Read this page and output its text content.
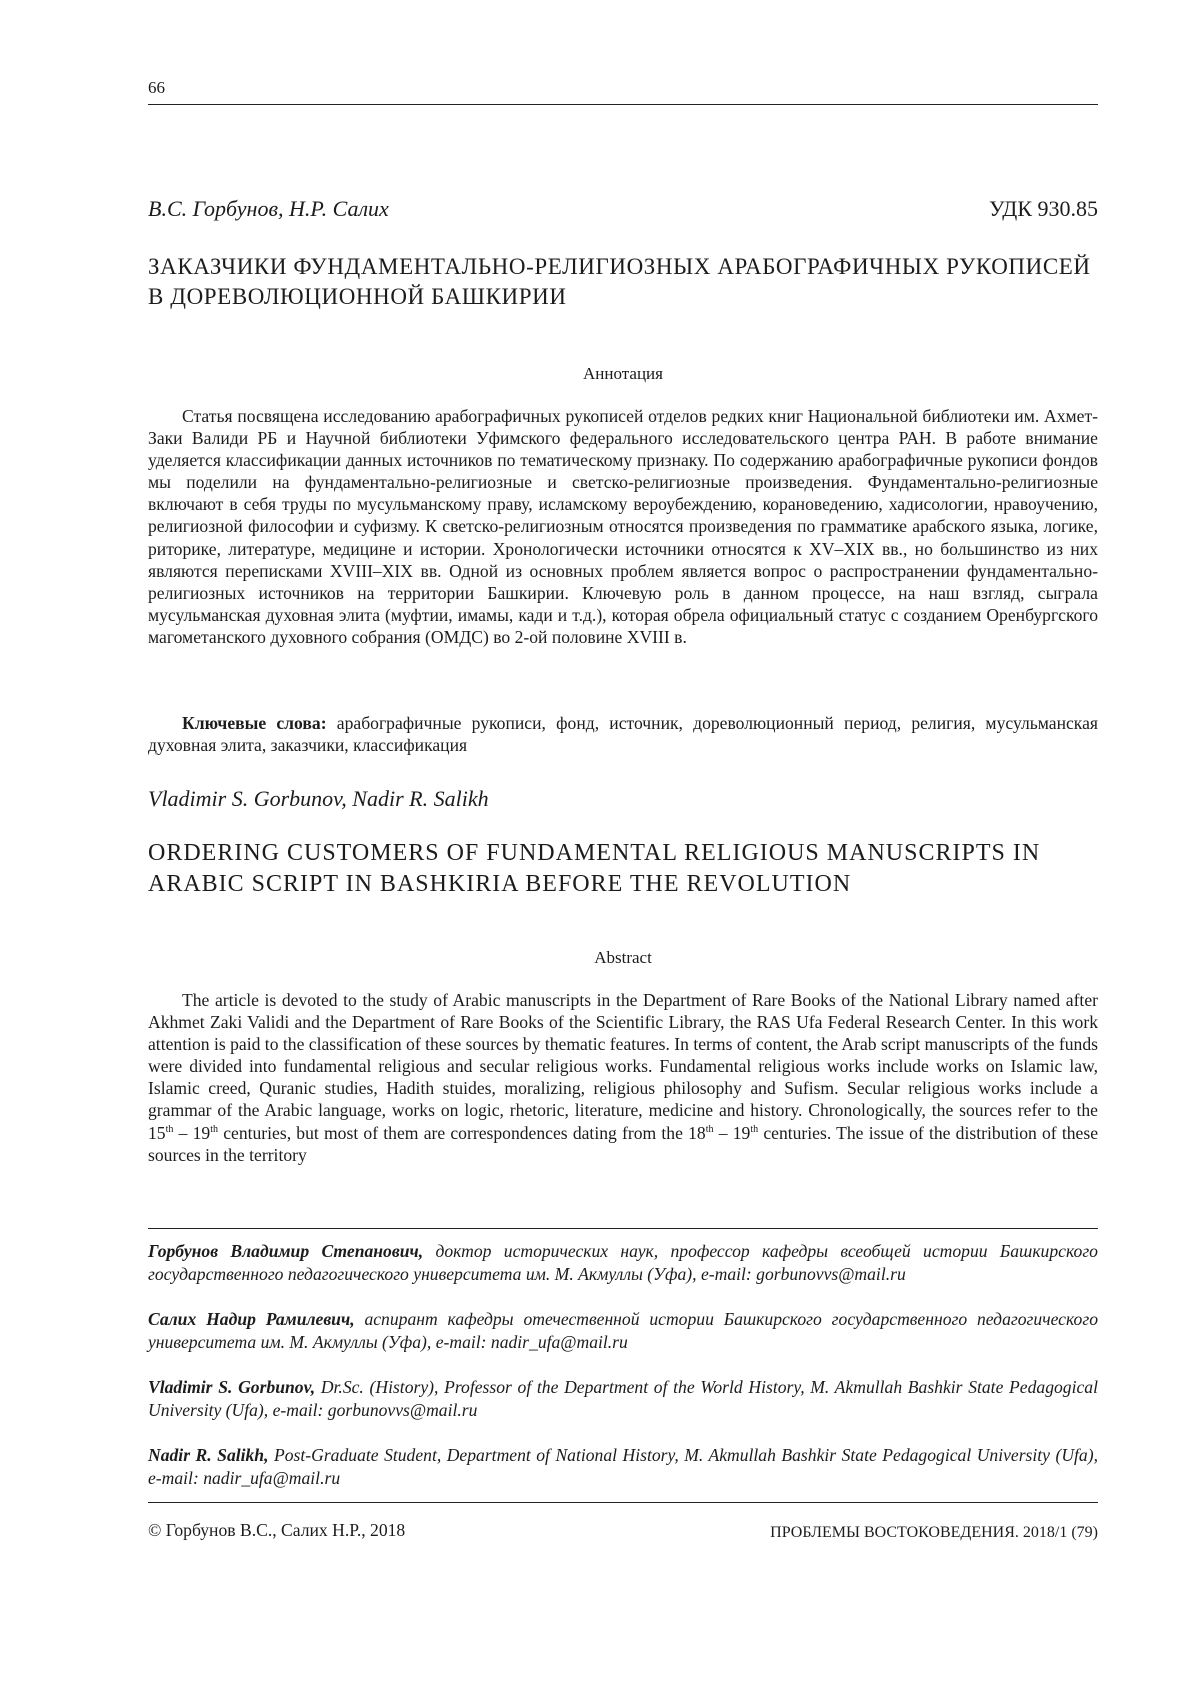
66
В.С. Горбунов, Н.Р. Салих	УДК 930.85
ЗАКАЗЧИКИ ФУНДАМЕНТАЛЬНО-РЕЛИГИОЗНЫХ АРАБОГРАФИЧНЫХ РУКОПИСЕЙ В ДОРЕВОЛЮЦИОННОЙ БАШКИРИИ
Аннотация

Статья посвящена исследованию арабографичных рукописей отделов редких книг Национальной библиотеки им. Ахмет-Заки Валиди РБ и Научной библиотеки Уфимского федерального исследовательского центра РАН. В работе внимание уделяется классификации данных источников по тематическому признаку. По содержанию арабографичные рукописи фондов мы поделили на фундаментально-религиозные и светско-религиозные произведения. Фундаментально-религиозные включают в себя труды по мусульманскому праву, исламскому вероубеждению, корановедению, хадисологии, нравоучению, религиозной философии и суфизму. К светско-религиозным относятся произведения по грамматике арабского языка, логике, риторике, литературе, медицине и истории. Хронологически источники относятся к XV–XIX вв., но большинство из них являются переписками XVIII–XIX вв. Одной из основных проблем является вопрос о распространении фундаментально-религиозных источников на территории Башкирии. Ключевую роль в данном процессе, на наш взгляд, сыграла мусульманская духовная элита (муфтии, имамы, кади и т.д.), которая обрела официальный статус с созданием Оренбургского магометанского духовного собрания (ОМДС) во 2-ой половине XVIII в.

Ключевые слова: арабографичные рукописи, фонд, источник, дореволюционный период, религия, мусульманская духовная элита, заказчики, классификация

Vladimir S. Gorbunov, Nadir R. Salikh
ORDERING CUSTOMERS OF FUNDAMENTAL RELIGIOUS MANUSCRIPTS IN ARABIC SCRIPT IN BASHKIRIA BEFORE THE REVOLUTION
Abstract

The article is devoted to the study of Arabic manuscripts in the Department of Rare Books of the National Library named after Akhmet Zaki Validi and the Department of Rare Books of the Scientific Library, the RAS Ufa Federal Research Center. In this work attention is paid to the classification of these sources by thematic features. In terms of content, the Arab script manuscripts of the funds were divided into fundamental religious and secular religious works. Fundamental religious works include works on Islamic law, Islamic creed, Quranic studies, Hadith stuides, moralizing, religious philosophy and Sufism. Secular religious works include a grammar of the Arabic language, works on logic, rhetoric, literature, medicine and history. Chronologically, the sources refer to the 15th – 19th centuries, but most of them are correspondences dating from the 18th – 19th centuries. The issue of the distribution of these sources in the territory

Горбунов Владимир Степанович, доктор исторических наук, профессор кафедры всеобщей истории Башкирского государственного педагогического университета им. М. Акмуллы (Уфа), e-mail: gorbunovvs@mail.ru

Салих Надир Рамилевич, аспирант кафедры отечественной истории Башкирского государственного педагогического университета им. М. Акмуллы (Уфа), e-mail: nadir_ufa@mail.ru

Vladimir S. Gorbunov, Dr.Sc. (History), Professor of the Department of the World History, M. Akmullah Bashkir State Pedagogical University (Ufa), e-mail: gorbunovvs@mail.ru

Nadir R. Salikh, Post-Graduate Student, Department of National History, M. Akmullah Bashkir State Pedagogical University (Ufa), e-mail: nadir_ufa@mail.ru

© Горбунов В.С., Салих Н.Р., 2018	ПРОБЛЕМЫ ВОСТОКОВЕДЕНИЯ. 2018/1 (79)
